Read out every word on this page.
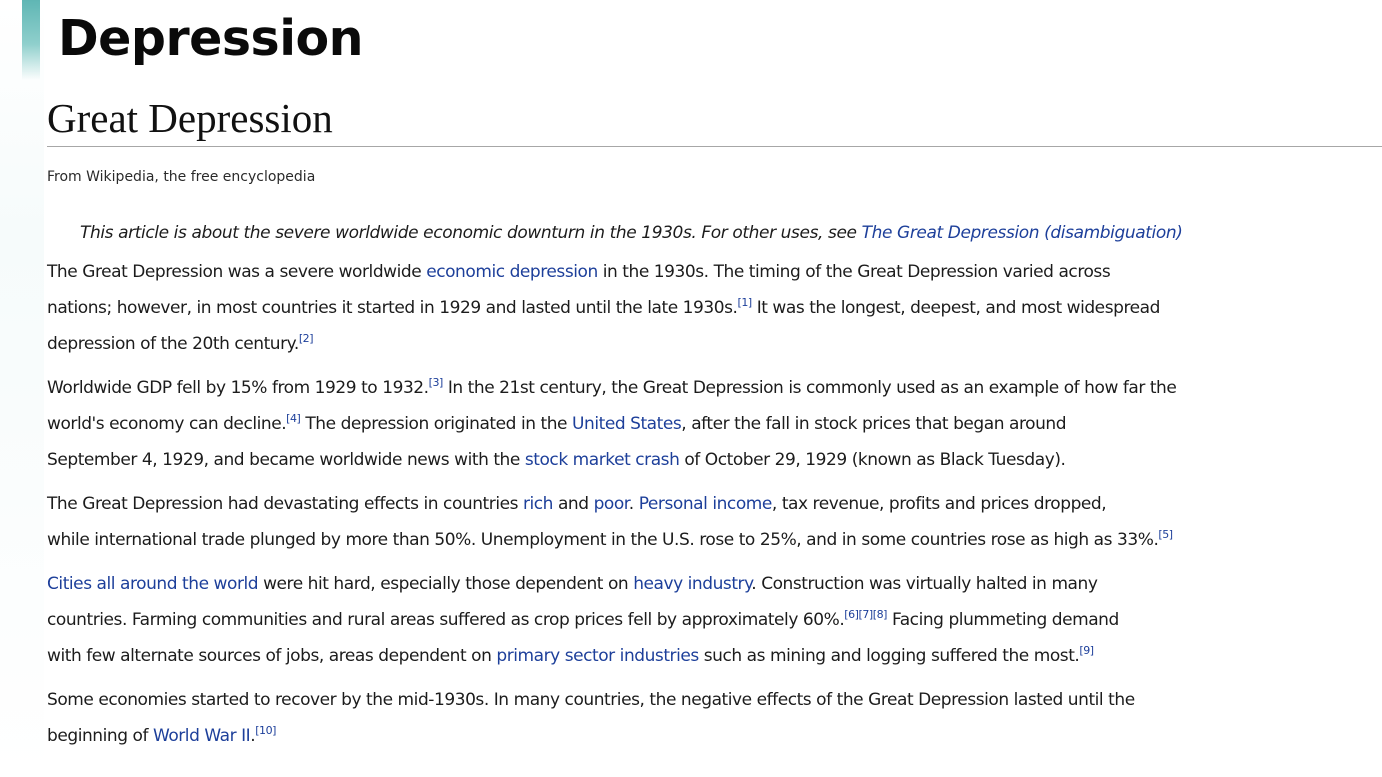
Depression
Great Depression
From Wikipedia, the free encyclopedia
This article is about the severe worldwide economic downturn in the 1930s. For other uses, see The Great Depression (disambiguation)
The Great Depression was a severe worldwide economic depression in the 1930s. The timing of the Great Depression varied across
nations; however, in most countries it started in 1929 and lasted until the late 1930s.[1] It was the longest, deepest, and most widespread
depression of the 20th century.[2]
Worldwide GDP fell by 15% from 1929 to 1932.[3] In the 21st century, the Great Depression is commonly used as an example of how far the
world's economy can decline.[4] The depression originated in the United States, after the fall in stock prices that began around
September 4, 1929, and became worldwide news with the stock market crash of October 29, 1929 (known as Black Tuesday).
The Great Depression had devastating effects in countries rich and poor. Personal income, tax revenue, profits and prices dropped,
while international trade plunged by more than 50%. Unemployment in the U.S. rose to 25%, and in some countries rose as high as 33%.[5]
Cities all around the world were hit hard, especially those dependent on heavy industry. Construction was virtually halted in many
countries. Farming communities and rural areas suffered as crop prices fell by approximately 60%.[6][7][8] Facing plummeting demand
with few alternate sources of jobs, areas dependent on primary sector industries such as mining and logging suffered the most.[9]
Some economies started to recover by the mid-1930s. In many countries, the negative effects of the Great Depression lasted until the
beginning of World War II.[10]
